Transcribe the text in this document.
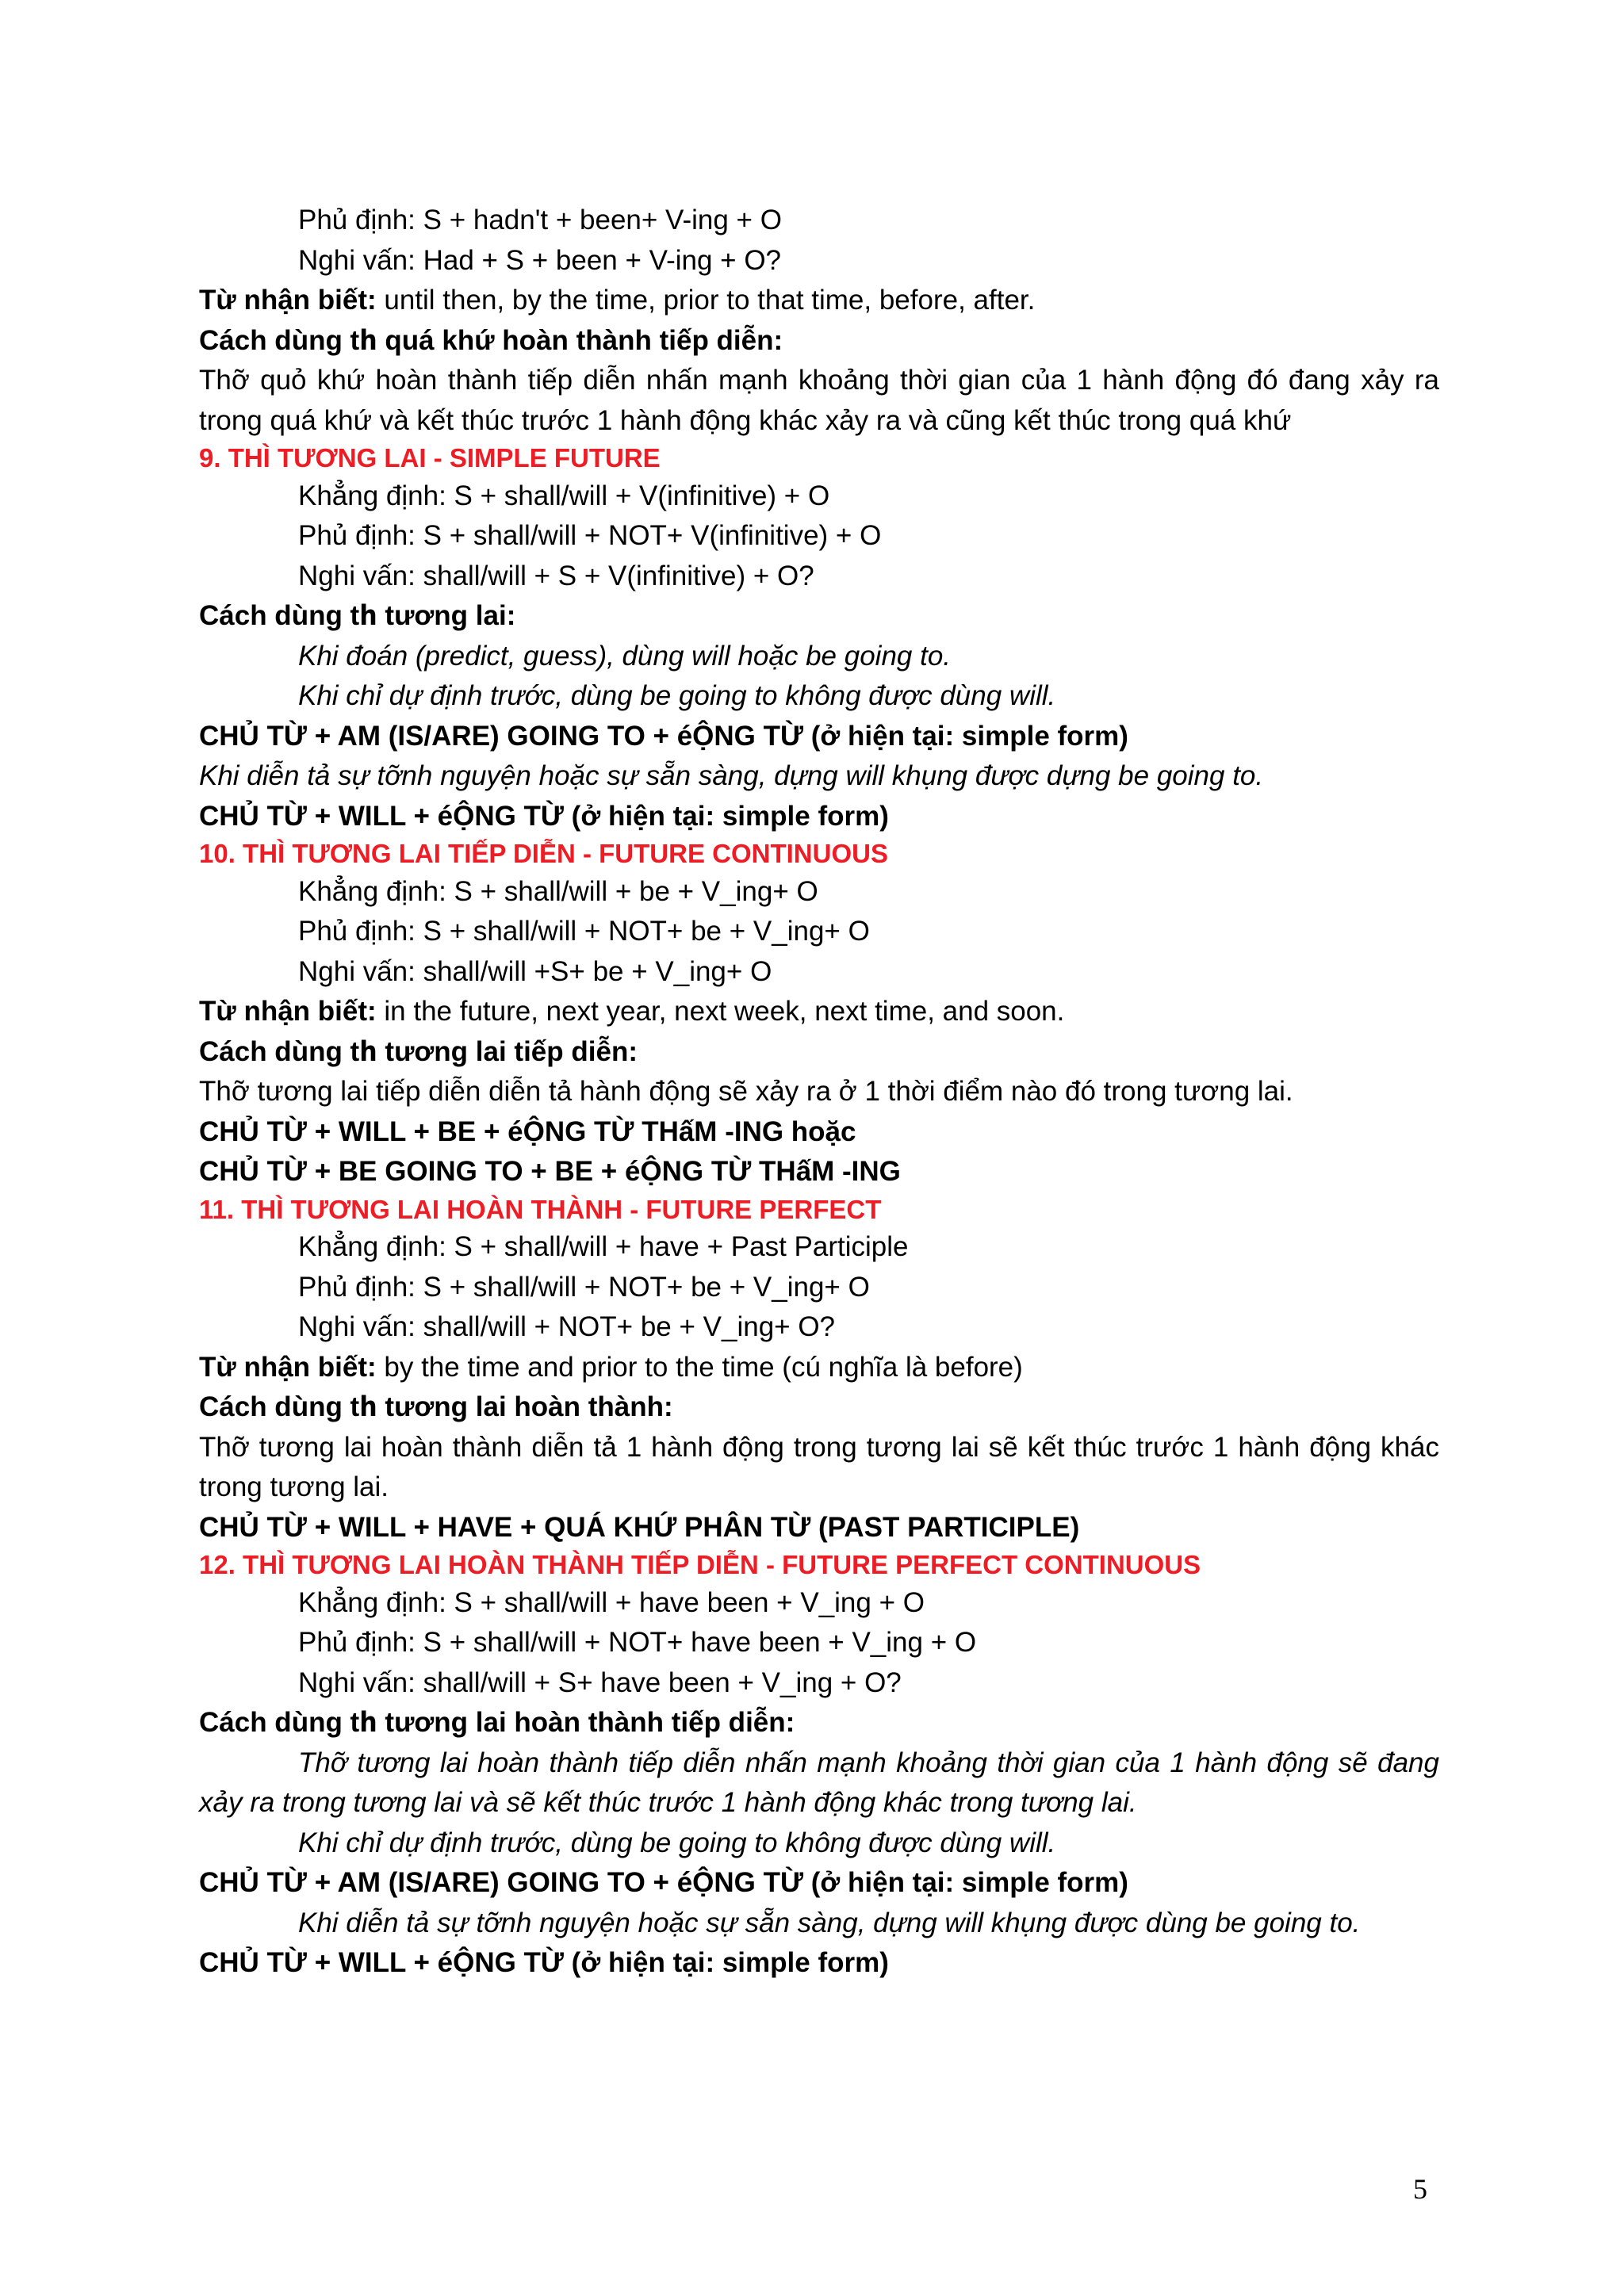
Phủ định: S + hadn't + been+ V-ing + O
Nghi vấn: Had + S + been + V-ing + O?
Từ nhận biết: until then, by the time, prior to that time, before, after.
Cách dùng tհ quá khứ hoàn thành tiếp diễn:
Thỡ quỏ khứ hoàn thành tiếp diễn nhấn mạnh khoảng thời gian của 1 hành động đó đang xảy ra
trong quá khứ và kết thúc trước 1 hành động khác xảy ra và cũng kết thúc trong quá khứ
9. THÌ TƯƠNG LAI - SIMPLE FUTURE
Khẳng định: S + shall/will + V(infinitive) + O
Phủ định: S + shall/will + NOT+ V(infinitive) + O
Nghi vấn: shall/will + S + V(infinitive) + O?
Cách dùng tհ tương lai:
Khi đoán (predict, guess), dùng will hoặc be going to.
Khi chỉ dự định trước, dùng be going to không được dùng will.
CHỦ TỪ + AM (IS/ARE) GOING TO + éỘNG TỪ (ở hiện tại: simple form)
Khi diễn tả sự tỡnh nguyện hoặc sự sẵn sàng, dựng will khụng được dựng be going to.
CHỦ TỪ + WILL + éỘNG TỪ (ở hiện tại: simple form)
10. THÌ TƯƠNG LAI TIẾP DIỄN - FUTURE CONTINUOUS
Khẳng định: S + shall/will + be + V_ing+ O
Phủ định: S + shall/will + NOT+ be + V_ing+ O
Nghi vấn: shall/will +S+ be + V_ing+ O
Từ nhận biết: in the future, next year, next week, next time, and soon.
Cách dùng tհ tương lai tiếp diễn:
Thỡ tương lai tiếp diễn diễn tả hành động sẽ xảy ra ở 1 thời điểm nào đó trong tương lai.
CHỦ TỪ + WILL + BE + éỘNG TỪ THấM -ING hoặc
CHỦ TỪ + BE GOING TO + BE + éỘNG TỪ THấM -ING
11. THÌ TƯƠNG LAI HOÀN THÀNH - FUTURE PERFECT
Khẳng định: S + shall/will + have + Past Participle
Phủ định: S + shall/will + NOT+ be + V_ing+ O
Nghi vấn: shall/will + NOT+ be + V_ing+ O?
Từ nhận biết: by the time and prior to the time (cú nghĩa là before)
Cách dùng tհ tương lai hoàn thành:
Thỡ tương lai hoàn thành diễn tả 1 hành động trong tương lai sẽ kết thúc trước 1 hành động khác
trong tương lai.
CHỦ TỪ + WILL + HAVE + QUÁ KHỨ PHÂN TỪ (PAST PARTICIPLE)
12. THÌ TƯƠNG LAI HOÀN THÀNH TIẾP DIỄN - FUTURE PERFECT CONTINUOUS
Khẳng định: S + shall/will + have been + V_ing + O
Phủ định: S + shall/will + NOT+ have been + V_ing + O
Nghi vấn: shall/will + S+ have been + V_ing + O?
Cách dùng tհ tương lai hoàn thành tiếp diễn:
Thỡ tương lai hoàn thành tiếp diễn nhấn mạnh khoảng thời gian của 1 hành động sẽ đang
xảy ra trong tương lai và sẽ kết thúc trước 1 hành động khác trong tương lai.
Khi chỉ dự định trước, dùng be going to không được dùng will.
CHỦ TỪ + AM (IS/ARE) GOING TO + éỘNG TỪ (ở hiện tại: simple form)
Khi diễn tả sự tỡnh nguyện hoặc sự sẵn sàng, dựng will khụng được dùng be going to.
CHỦ TỪ + WILL + éỘNG TỪ (ở hiện tại: simple form)
5
